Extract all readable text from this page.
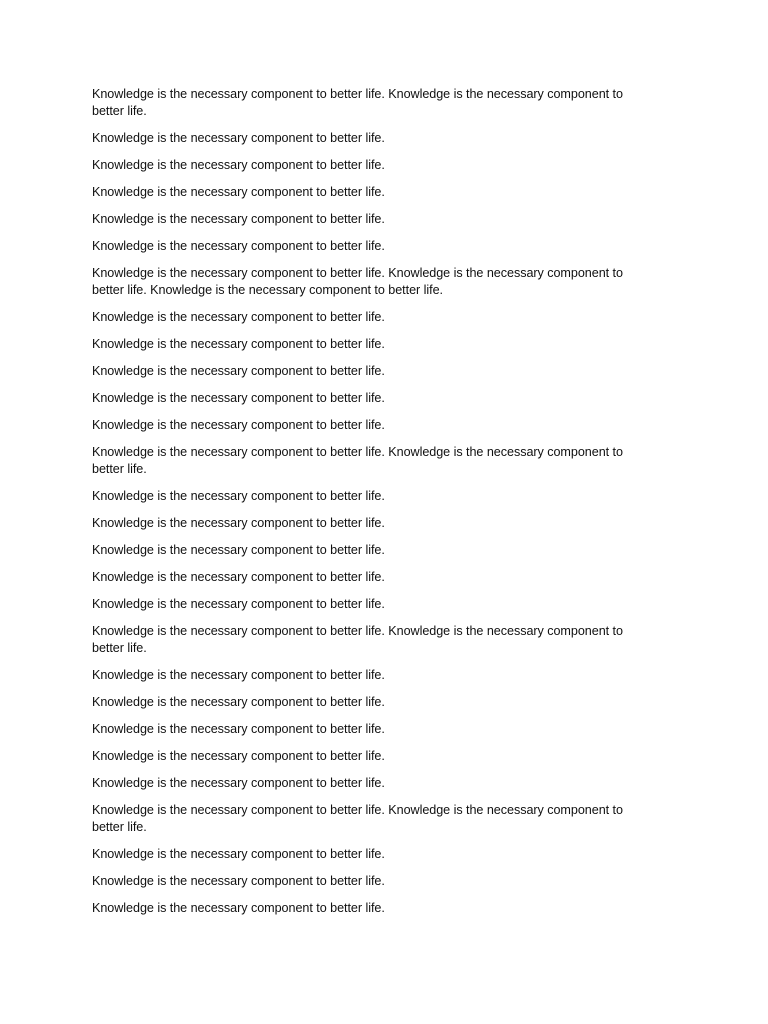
Knowledge is the necessary component to better life. Knowledge is the necessary component to better life.

Knowledge is the necessary component to better life.

Knowledge is the necessary component to better life.

Knowledge is the necessary component to better life.

Knowledge is the necessary component to better life.

Knowledge is the necessary component to better life.

Knowledge is the necessary component to better life. Knowledge is the necessary component to better life. Knowledge is the necessary component to better life.

Knowledge is the necessary component to better life.

Knowledge is the necessary component to better life.

Knowledge is the necessary component to better life.

Knowledge is the necessary component to better life.

Knowledge is the necessary component to better life.

Knowledge is the necessary component to better life. Knowledge is the necessary component to better life.

Knowledge is the necessary component to better life.

Knowledge is the necessary component to better life.

Knowledge is the necessary component to better life.

Knowledge is the necessary component to better life.

Knowledge is the necessary component to better life.

Knowledge is the necessary component to better life. Knowledge is the necessary component to better life.

Knowledge is the necessary component to better life.

Knowledge is the necessary component to better life.

Knowledge is the necessary component to better life.

Knowledge is the necessary component to better life.

Knowledge is the necessary component to better life.

Knowledge is the necessary component to better life. Knowledge is the necessary component to better life.

Knowledge is the necessary component to better life.

Knowledge is the necessary component to better life.

Knowledge is the necessary component to better life.
